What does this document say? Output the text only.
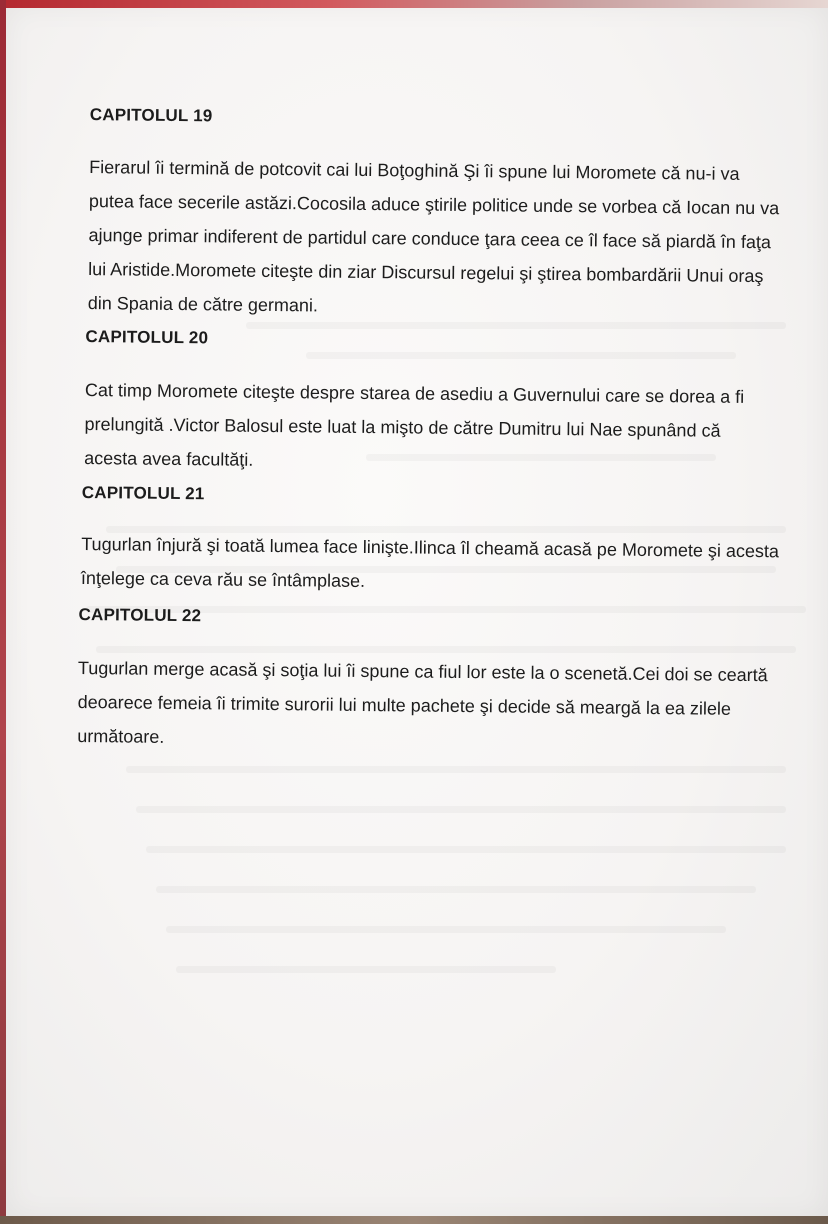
CAPITOLUL 19

Fierarul îi termină de potcovit cai lui Boţoghină Şi îi spune lui Moromete că nu-i va putea face secerile astăzi.Cocosila aduce ştirile politice unde se vorbea că Iocan nu va ajunge primar indiferent de partidul care conduce ţara ceea ce îl face să piardă în faţa lui Aristide.Moromete citeşte din ziar Discursul regelui şi ştirea bombardării Unui oraş din Spania de către germani.

CAPITOLUL 20

Cat timp Moromete citeşte despre starea de asediu a Guvernului care se dorea a fi prelungită .Victor Balosul este luat la mişto de către Dumitru lui Nae spunând că acesta avea facultăţi.

CAPITOLUL 21

Tugurlan înjură şi toată lumea face linişte.Ilinca îl cheamă acasă pe Moromete şi acesta înţelege ca ceva rău se întâmplase.

CAPITOLUL 22

Tugurlan merge acasă şi soţia lui îi spune ca fiul lor este la o scenetă.Cei doi se ceartă deoarece femeia îi trimite surorii lui multe pachete şi decide să meargă la ea zilele următoare.
